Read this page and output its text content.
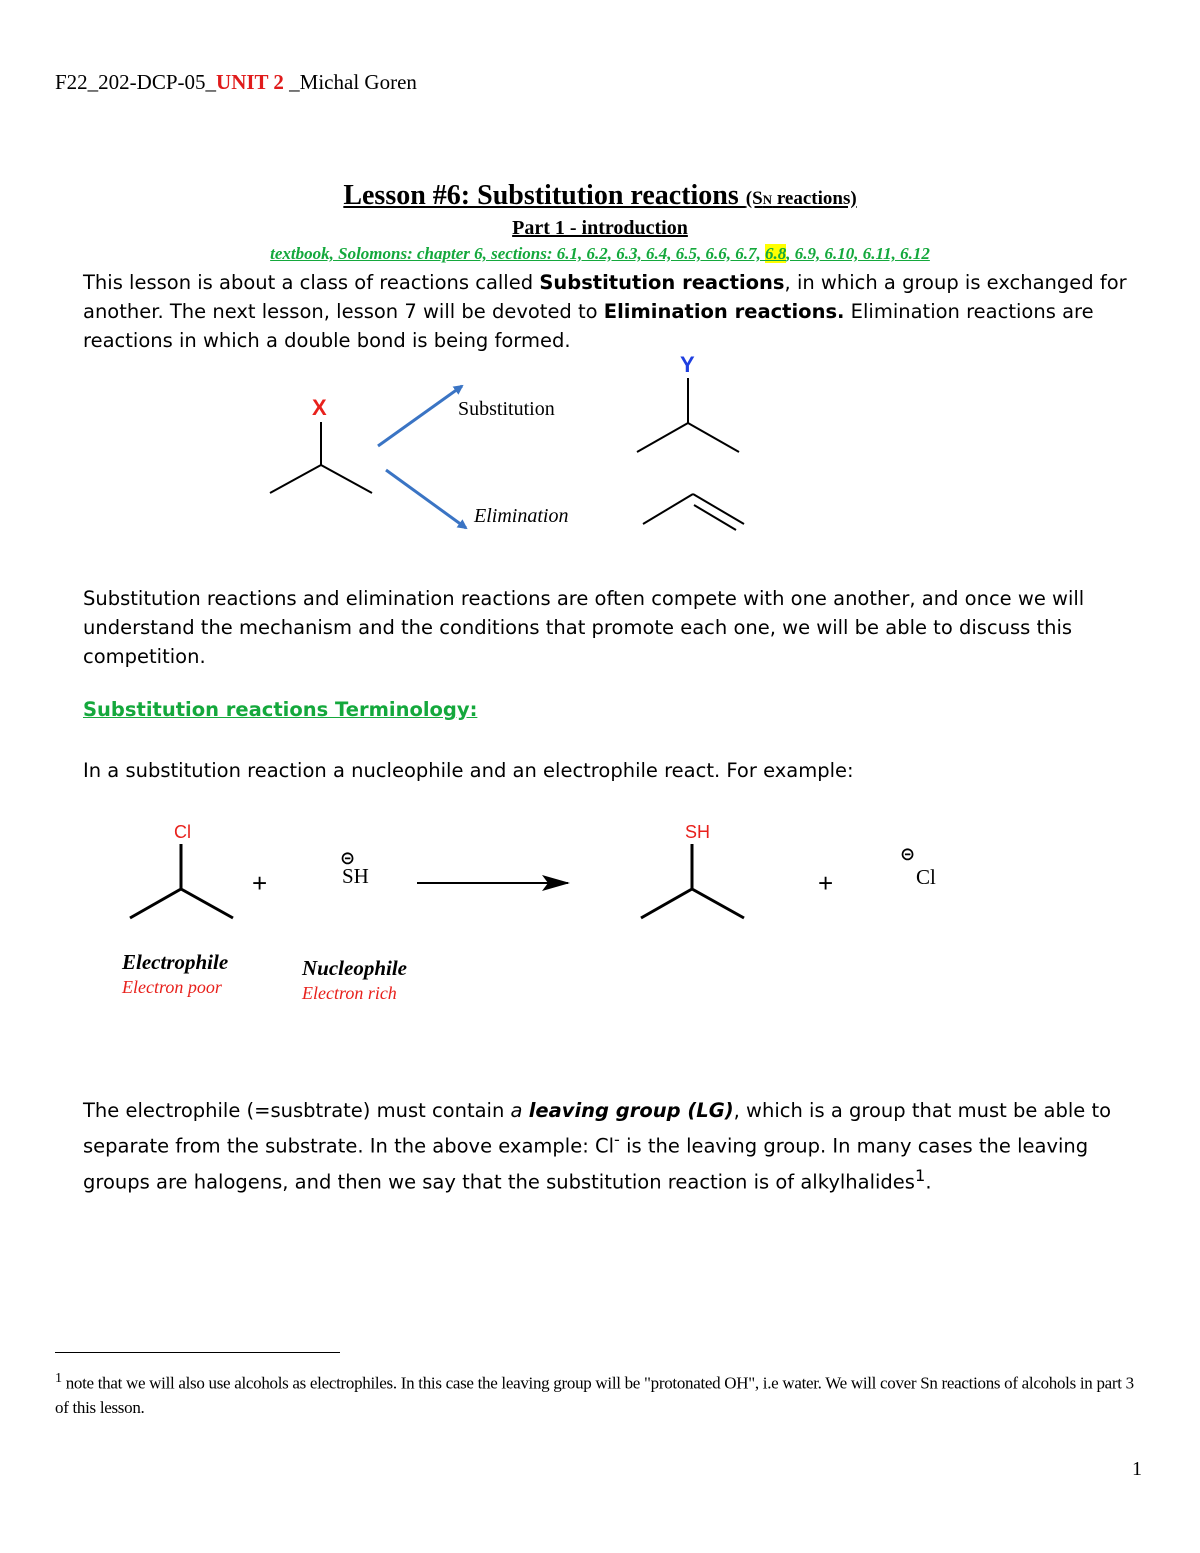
F22_202-DCP-05_UNIT 2 _Michal Goren
Lesson #6: Substitution reactions (SN reactions)
Part 1 - introduction
textbook, Solomons: chapter 6, sections: 6.1, 6.2, 6.3, 6.4, 6.5, 6.6, 6.7, 6.8, 6.9, 6.10, 6.11, 6.12
This lesson is about a class of reactions called Substitution reactions, in which a group is exchanged for another. The next lesson, lesson 7 will be devoted to Elimination reactions. Elimination reactions are reactions in which a double bond is being formed.
X
Y
Cl
+
⊝
SH
SH
+
⊝
Cl
Substitution
Elimination
Electrophile
Electron poor
Nucleophile
Electron rich
Substitution reactions and elimination reactions are often compete with one another, and once we will understand the mechanism and the conditions that promote each one, we will be able to discuss this competition.
Substitution reactions Terminology:
In a substitution reaction a nucleophile and an electrophile react. For example:
The electrophile (=susbtrate) must contain a leaving group (LG), which is a group that must be able to separate from the substrate. In the above example: Cl- is the leaving group. In many cases the leaving groups are halogens, and then we say that the substitution reaction is of alkylhalides$^1$.
$^1$ note that we will also use alcohols as electrophiles. In this case the leaving group will be "protonated OH", i.e water. We will cover Sn reactions of alcohols in part 3 of this lesson.
1
